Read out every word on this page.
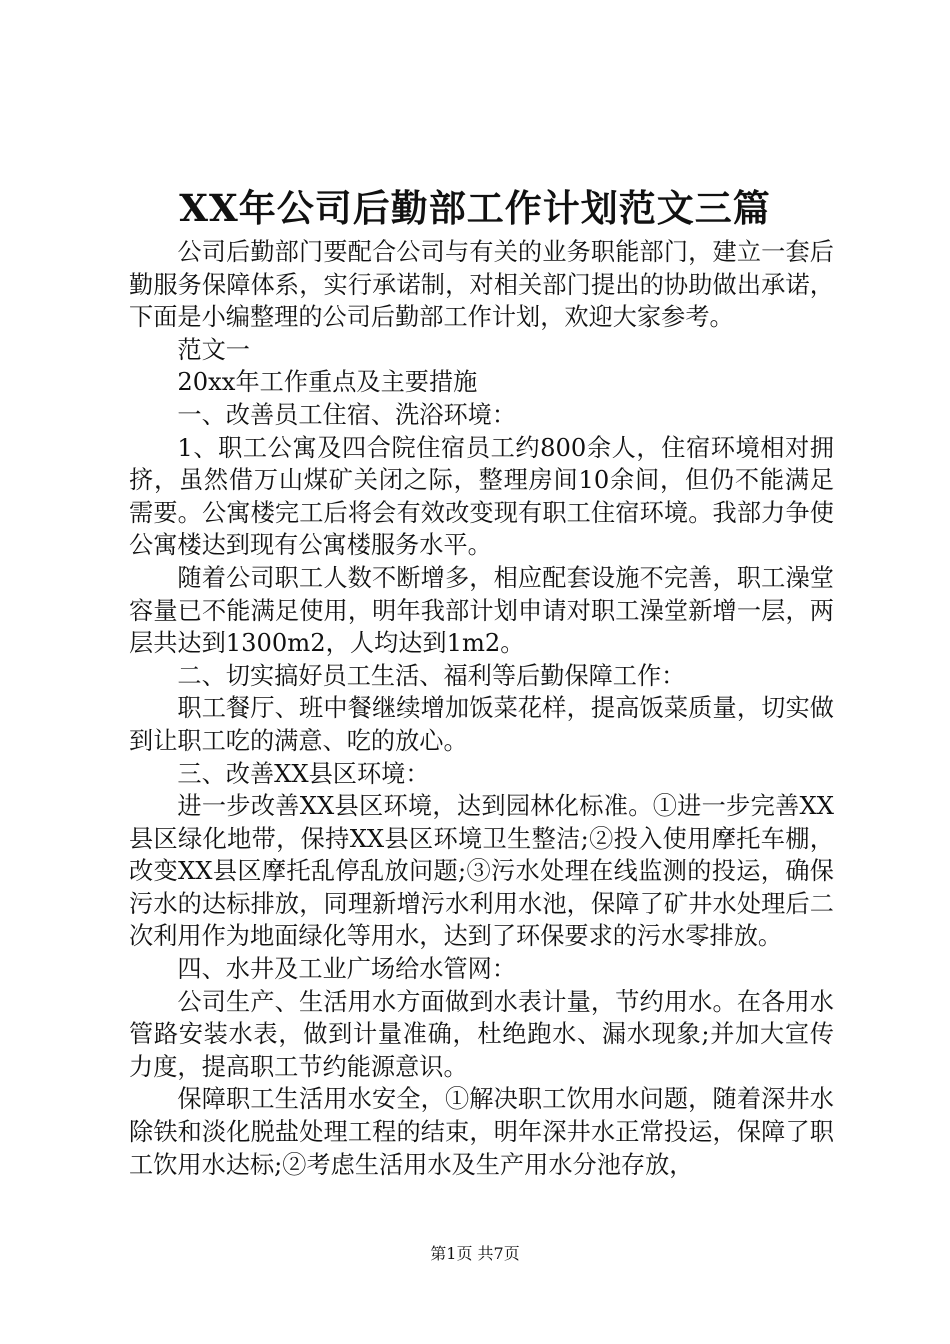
XX年公司后勤部工作计划范文三篇

公司后勤部门要配合公司与有关的业务职能部门，建立一套后勤服务保障体系，实行承诺制，对相关部门提出的协助做出承诺，下面是小编整理的公司后勤部工作计划，欢迎大家参考。

范文一

20xx年工作重点及主要措施

一、改善员工住宿、洗浴环境：

1、职工公寓及四合院住宿员工约800余人，住宿环境相对拥挤，虽然借万山煤矿关闭之际，整理房间10余间，但仍不能满足需要。公寓楼完工后将会有效改变现有职工住宿环境。我部力争使公寓楼达到现有公寓楼服务水平。

随着公司职工人数不断增多，相应配套设施不完善，职工澡堂容量已不能满足使用，明年我部计划申请对职工澡堂新增一层，两层共达到1300m2，人均达到1m2。

二、切实搞好员工生活、福利等后勤保障工作：

职工餐厅、班中餐继续增加饭菜花样，提高饭菜质量，切实做到让职工吃的满意、吃的放心。

三、改善XX县区环境：

进一步改善XX县区环境，达到园林化标准。①进一步完善XX县区绿化地带，保持XX县区环境卫生整洁;②投入使用摩托车棚，改变XX县区摩托乱停乱放问题;③污水处理在线监测的投运，确保污水的达标排放，同理新增污水利用水池，保障了矿井水处理后二次利用作为地面绿化等用水，达到了环保要求的污水零排放。

四、水井及工业广场给水管网：

公司生产、生活用水方面做到水表计量，节约用水。在各用水管路安装水表，做到计量准确，杜绝跑水、漏水现象;并加大宣传力度，提高职工节约能源意识。

保障职工生活用水安全，①解决职工饮用水问题，随着深井水除铁和淡化脱盐处理工程的结束，明年深井水正常投运，保障了职工饮用水达标;②考虑生活用水及生产用水分池存放，

第1页 共7页
